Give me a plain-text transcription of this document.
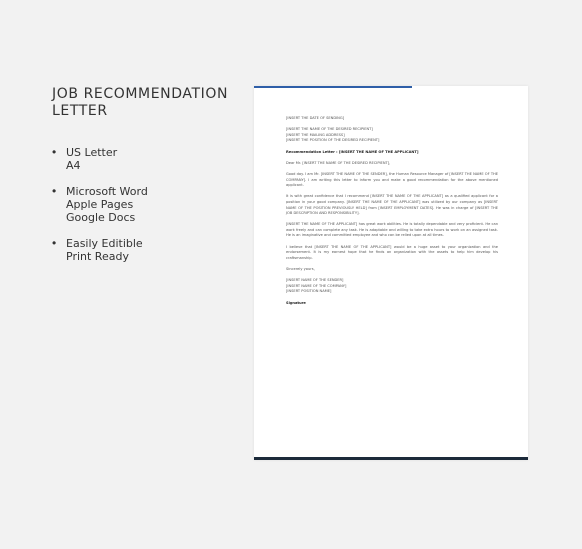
JOB RECOMMENDATION
LETTER
• US Letter
A4
• Microsoft Word
Apple Pages
Google Docs
• Easily Editible
Print Ready
[INSERT THE DATE OF SENDING]
[INSERT THE NAME OF THE DESIRED RECIPIENT]
[INSERT THE MAILING ADDRESS]
[INSERT THE POSITION OF THE DESIRED RECIPIENT]
Recommendation Letter : [INSERT THE NAME OF THE APPLICANT]
Dear Mr. [INSERT THE NAME OF THE DESIRED RECIPIENT],
Good day. I am Mr. [INSERT THE NAME OF THE SENDER], the Human Resource Manager of [INSERT THE NAME OF THE COMPANY]. I am writing this letter to inform you and make a good recommendation for the above mentioned applicant.
It is with great confidence that I recommend [INSERT THE NAME OF THE APPLICANT] as a qualified applicant for a position in your good company. [INSERT THE NAME OF THE APPLICANT] was utilized by our company as [INSERT NAME OF THE POSITION PREVIOUSLY HELD] from [INSERT EMPLOYMENT DATES]. He was in charge of [INSERT THE JOB DESCRIPTION AND RESPONSIBILITY].
[INSERT THE NAME OF THE APPLICANT] has great work abilities. He is totally dependable and very proficient. He can work freely and can complete any task. He is adaptable and willing to take extra hours to work on an assigned task. He is an imaginative and committed employee and who can be relied upon at all times.
I believe that [INSERT THE NAME OF THE APPLICANT] would be a huge asset to your organization and the endorsement. It is my earnest hope that he finds an organization with the assets to help him develop his craftsmanship.
Sincerely yours,
[INSERT NAME OF THE SENDER]
[INSERT NAME OF THE COMPANY]
[INSERT POSITION NAME]
Signature
